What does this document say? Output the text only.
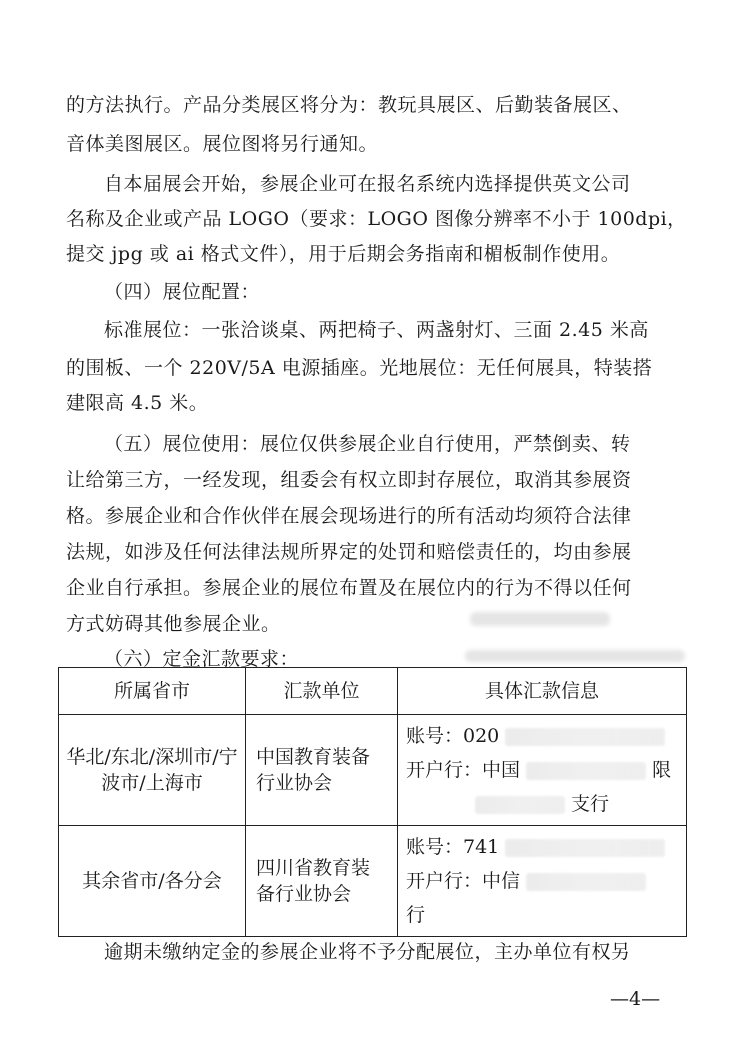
的方法执行。产品分类展区将分为：教玩具展区、后勤装备展区、
音体美图展区。展位图将另行通知。
自本届展会开始，参展企业可在报名系统内选择提供英文公司
名称及企业或产品 LOGO（要求：LOGO 图像分辨率不小于 100dpi，
提交 jpg 或 ai 格式文件），用于后期会务指南和楣板制作使用。
（四）展位配置：
标准展位：一张洽谈桌、两把椅子、两盏射灯、三面 2.45 米高
的围板、一个 220V/5A 电源插座。光地展位：无任何展具，特装搭
建限高 4.5 米。
（五）展位使用：展位仅供参展企业自行使用，严禁倒卖、转
让给第三方，一经发现，组委会有权立即封存展位，取消其参展资
格。参展企业和合作伙伴在展会现场进行的所有活动均须符合法律
法规，如涉及任何法律法规所界定的处罚和赔偿责任的，均由参展
企业自行承担。参展企业的展位布置及在展位内的行为不得以任何
方式妨碍其他参展企业。
（六）定金汇款要求：
所属省市	汇款单位	具体汇款信息
华北/东北/深圳市/宁波市/上海市	中国教育装备行业协会	账号：020
开户行：中国 限
支行

其余省市/各分会	四川省教育装备行业协会	账号：741
开户行：中信
行
逾期未缴纳定金的参展企业将不予分配展位，主办单位有权另
—4—
